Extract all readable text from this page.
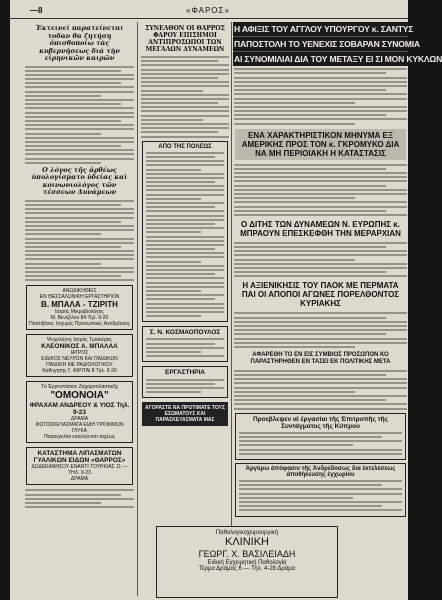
—8	«ΦΑΡΟΣ»
Έκτεινεί παρατείνεται τοδαν θα ζητήση ὀπισθοποίω τὰς κυβερνήσεως διά τὴν εἰρηνικῶν καιρῶν
Ο λόγος τῆς ἀρθέως ὑπολογίσματο ὑδείας καὶ κοινωνιολόγος τῶν τέσσεων Δυνάμεων
ΑΝΩΔΙΚΗΘΕΙΣ
ΕΝ ΘΕΣΣΑΛΩΝΙΚΗ ΕΡΓΑΣΤΗΡΙΟΝ
Β. ΜΠΑΛΑ - ΤΖΙΡΙΤΗ
Ιατρός Μικροβιολόγος
Μ. Βενιζέλου 84 Τηλ. 9-20
Παστιξάνια, Ισχυρές Προσωπικές Αντιδράσεις
Ψυχολόγος Ιατρός Τρισκέρας
ΚΛΕΟΝΙΚΟΣ Α. ΜΠΑΛΑΑ
ΙΑΤΡΟΣ
ΕΙΔΙΚΟΣ ΝΕΥΡΩΝ ΚΑΙ ΠΑΙΔΙΚΩΝ
ΠΑΙΔΙΚΗ ΜΕ ΡΑΔΙΟΛΟΓΙΚΟΥ
Καθηγητής Γ. ΦΙΡΙΤΑΙ 8 Τηλ. 9-20
Τὸ Ἐργοστάσιον Ζαχαροπλαστικῆς
"ΟΜΟΝΟΙΑ"
ΦΡΑΧΑΜ ΑΝΔΡΕΟΥ & ΥΙΟΣ Τηλ. 9-23
ΔΡΑΜΑ
ΦΩΤΟΣΚΕΥΑΣΜΑΤΑ ΕΙΔΗ ΤΡΟΦΙΜΩΝ ΓΛΥΚΑ
Παραγγελίαι εκτελούνται ταχέως
ΚΑΤΑΣΤΗΜΑ ΛΙΠΑΣΜΑΤΩΝ
ΓΥΑΛΙΚΩΝ ΕΙΔΩΝ «ΘΑΡΡΟΣ»
ΔΩΔΕΚΑΝΗΣΟΥ ΕΝΑΝΤΙ ΤΟΥΡΚΙΑΣ 11 — ΤΗΛ. 9-23
ΔΡΑΜΑ
ΣΥΝΕΛΘΟΝ ΟΙ ΘΑΡΡΟΣ ΦΑΡΟΥ ΕΠΙΣΗΜΟΙ ΑΝΤΙΠΡΟΣΩΠΟΙ ΤΩΝ ΜΕΓΑΛΩΝ ΔΥΝΑΜΕΩΝ
ΑΠΟ ΤΗΣ ΠΟΛΕΩΣ
Σ. Ν. ΚΟΣΜΑΟΠΟΥΛΟΣ
ΕΡΓΑΣΤΗΡΙΑ
ΑΓΟΡΑΣΤΕ ΝΑ ΠΡΟΤΙΜΑΤΕ ΤΟΥΣ ΕΣΩΜΑΤΟΥΣ ΚΑΙ ΠΑΡΑΣΚΕΥΑΣΜΑΤΑ ΜΑΣ
Η ΑΦΙΞΙΣ ΤΟΥ ΑΓΓΛΟΥ ΥΠΟΥΡΓΟΥ κ. ΣΑΝΤΥΣ
ΠΑΠΟΣΤΟΛΗ ΤΟ ΥΕΝΕΧΙΣ ΣΟΒΑΡΑΝ ΣΥΝΟΜΙΑ
ΑΙ ΣΥΝΟΜΙΛΙΑΙ ΔΙΑ ΤΟΥ ΜΕΤΑΞΥ ΕΙ ΣΙ ΜΟΝ ΚΥΚΛΩΝ
ΕΝΑ ΧΑΡΑΚΤΗΡΙΣΤΙΚΟΝ ΜΗΝΥΜΑ ΕΞ ΑΜΕΡΙΚΗΣ ΠΡΟΣ ΤΟΝ κ. ΓΚΡΟΜΥΚΟ ΔΙΑ ΝΑ ΜΗ ΠΕΡΙΟΙΑΚΗ Η ΚΑΤΑΣΤΑΣΙΣ
Ο ΔΙΤΗΣ ΤΩΝ ΔΥΝΑΜΕΩΝ Ν. ΕΥΡΩΠΗΣ κ. ΜΠΡΑΟΥΝ ΕΠΕΣΚΕΦΘΗ ΤΗΝ ΜΕΡΑΡΧΙΑΝ
Η ΑΞΙΕΝΙΚΗΣΙΣ ΤΟΥ ΠΑΟΚ ΜΕ ΠΕΡΜΑΤΑ ΠΑΙ ΟΙ ΑΠΟΠΟΙ ΑΓΩΝΕΣ ΠΟΡΕΛΘΟΝΤΟΣ ΚΥΡΙΑΚΗΣ
ΑΦΑΡΕΘΗ ΤΟ ΕΝ ΕΙΣ ΣΥΜΒΙΟΣ ΠΡΟΣΩΠΟΝ ΚΟ ΠΑΡΑΣΤΗΡΗΘΕΝ ΕΝ ΤΑΣΕΙ ΕΚ ΠΟΛΙΤΙΚΗΣ ΜΕΤΑ
Προεβλεψεν αἱ ἐργασίαι τῆς Ἐπιτροπῆς τῆς Συντάγματος τῆς Κύπρου
Ἀργύρω ἀπόφασιν τῆς Ἀνδρέδοσως δια ἐκτελέσεως ἀποθήκευσης ἐγχωρίου
Παθολογικοχειρουργική
ΚΛΙΝΙΚΗ
ΓΕΩΡΓ. Χ. ΒΑΣΙΛΕΙΑΔΗ
Ειδική Εγχειρητική Παθολογία
Τέρμα Δράμας 6 — Τηλ. 4-28 Δράμα
